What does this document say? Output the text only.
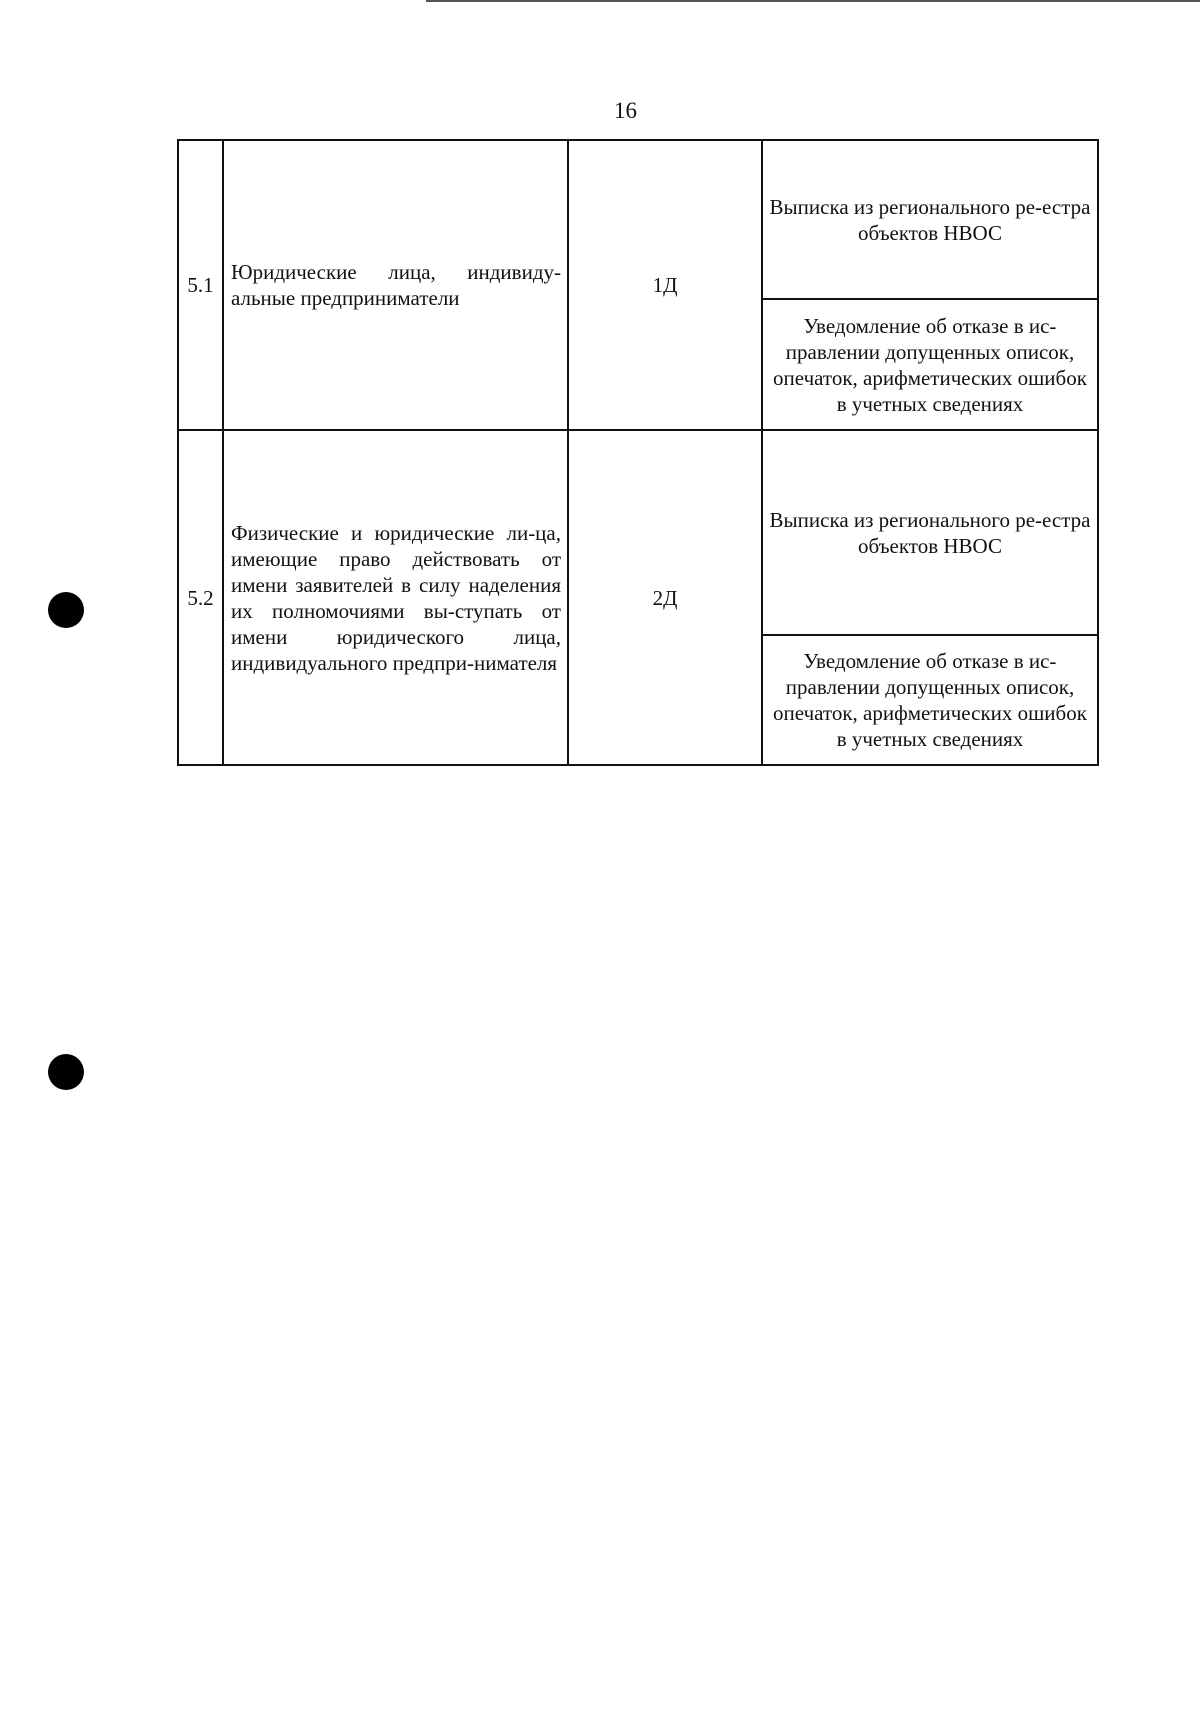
16
5.1	Юридические лица, индивиду-альные предприниматели	1Д	Выписка из регионального ре-естра объектов НВОС

			Уведомление об отказе в ис-правлении допущенных описок, опечаток, арифметических ошибок в учетных сведениях

5.2	Физические и юридические ли-ца, имеющие право действовать от имени заявителей в силу наделения их полномочиями вы-ступать от имени юридического лица, индивидуального предпри-нимателя	2Д	Выписка из регионального ре-естра объектов НВОС

			Уведомление об отказе в ис-правлении допущенных описок, опечаток, арифметических ошибок в учетных сведениях
